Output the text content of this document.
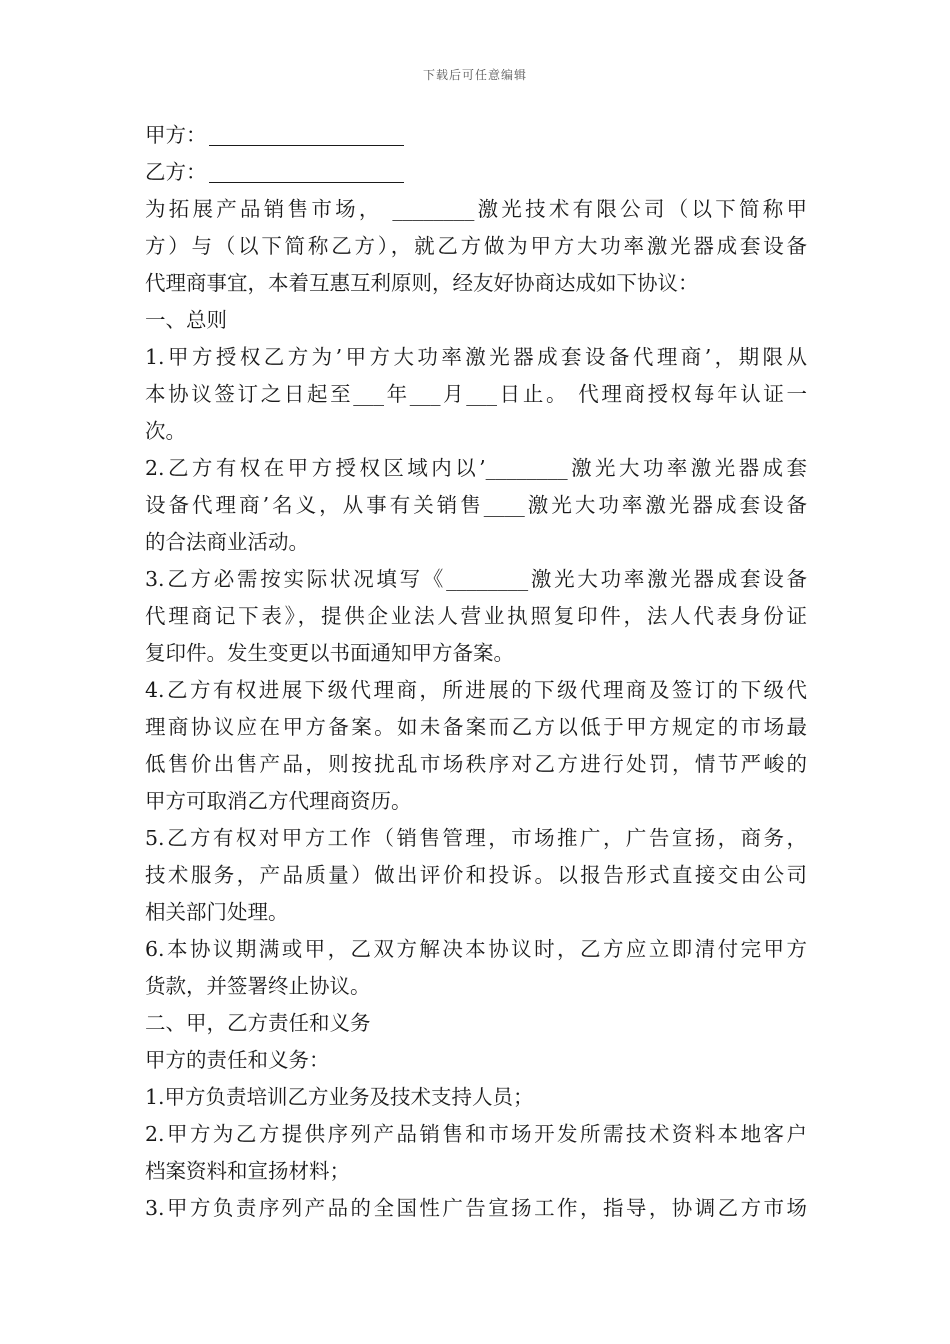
下载后可任意编辑
甲方：
乙方：
为拓展产品销售市场， ________激光技术有限公司（以下简称甲
方）与（以下简称乙方），就乙方做为甲方大功率激光器成套设备
代理商事宜，本着互惠互利原则，经友好协商达成如下协议：
一、总则
1.甲方授权乙方为’甲方大功率激光器成套设备代理商’，期限从
本协议签订之日起至___年___月___日止。 代理商授权每年认证一
次。
2.乙方有权在甲方授权区域内以’________激光大功率激光器成套
设备代理商’名义，从事有关销售____激光大功率激光器成套设备
的合法商业活动。
3.乙方必需按实际状况填写《________激光大功率激光器成套设备
代理商记下表》，提供企业法人营业执照复印件，法人代表身份证
复印件。发生变更以书面通知甲方备案。
4.乙方有权进展下级代理商，所进展的下级代理商及签订的下级代
理商协议应在甲方备案。如未备案而乙方以低于甲方规定的市场最
低售价出售产品，则按扰乱市场秩序对乙方进行处罚，情节严峻的
甲方可取消乙方代理商资历。
5.乙方有权对甲方工作（销售管理，市场推广，广告宣扬，商务，
技术服务，产品质量）做出评价和投诉。以报告形式直接交由公司
相关部门处理。
6.本协议期满或甲，乙双方解决本协议时，乙方应立即清付完甲方
货款，并签署终止协议。
二、甲，乙方责任和义务
甲方的责任和义务：
1.甲方负责培训乙方业务及技术支持人员；
2.甲方为乙方提供序列产品销售和市场开发所需技术资料本地客户
档案资料和宣扬材料；
3.甲方负责序列产品的全国性广告宣扬工作，指导，协调乙方市场
